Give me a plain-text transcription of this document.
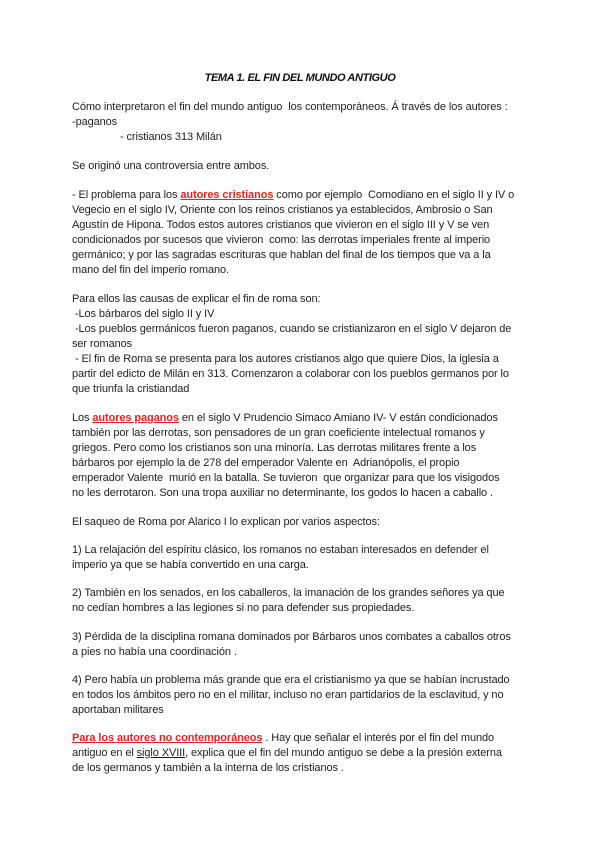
TEMA 1. EL FIN DEL MUNDO ANTIGUO
Cómo interpretaron el fin del mundo antiguo  los contemporáneos. Á través de los autores :
-paganos
- cristianos 313 Milán
Se originó una controversia entre ambos.
- El problema para los autores cristianos como por ejemplo  Comodiano en el siglo II y IV o
Vegecio en el siglo IV, Oriente con los reinos cristianos ya establecidos, Ambrosio o San
Agustín de Hipona. Todos estos autores cristianos que vivieron en el siglo III y V se ven
condicionados por sucesos que vivieron  como: las derrotas imperiales frente al imperio
germánico; y por las sagradas escrituras que hablan del final de los tiempos que va a la
mano del fin del imperio romano.
Para ellos las causas de explicar el fin de roma son:
-Los bárbaros del siglo II y IV
-Los pueblos germánicos fueron paganos, cuando se cristianizaron en el siglo V dejaron de
ser romanos
- El fin de Roma se presenta para los autores cristianos algo que quiere Dios, la iglesia a
partir del edicto de Milán en 313. Comenzaron a colaborar con los pueblos germanos por lo
que triunfa la cristiandad
Los autores paganos en el siglo V Prudencio Simaco Amiano IV- V están condicionados
también por las derrotas, son pensadores de un gran coeficiente intelectual romanos y
griegos. Pero como los cristianos son una minoría. Las derrotas militares frente a los
bárbaros por ejemplo la de 278 del emperador Valente en  Adrianópolis, el propio
emperador Valente  murió en la batalla. Se tuvieron  que organizar para que los visigodos
no les derrotaron. Son una tropa auxiliar no determinante, los godos lo hacen a caballo .
El saqueo de Roma por Alarico I lo explican por varios aspectos:
1) La relajación del espíritu clásico, los romanos no estaban interesados en defender el
imperio ya que se había convertido en una carga.
2) También en los senados, en los caballeros, la imanación de los grandes señores ya que
no cedían hombres a las legiones si no para defender sus propiedades.
3) Pérdida de la disciplina romana dominados por Bárbaros unos combates a caballos otros
a pies no había una coordinación .
4) Pero había un problema más grande que era el cristianismo ya que se habían incrustado
en todos los ámbitos pero no en el militar, incluso no eran partidarios de la esclavitud, y no
aportaban militares
Para los autores no contemporáneos . Hay que señalar el interés por el fin del mundo
antiguo en el siglo XVIII, explica que el fin del mundo antiguo se debe a la presión externa
de los germanos y también a la interna de los cristianos .
